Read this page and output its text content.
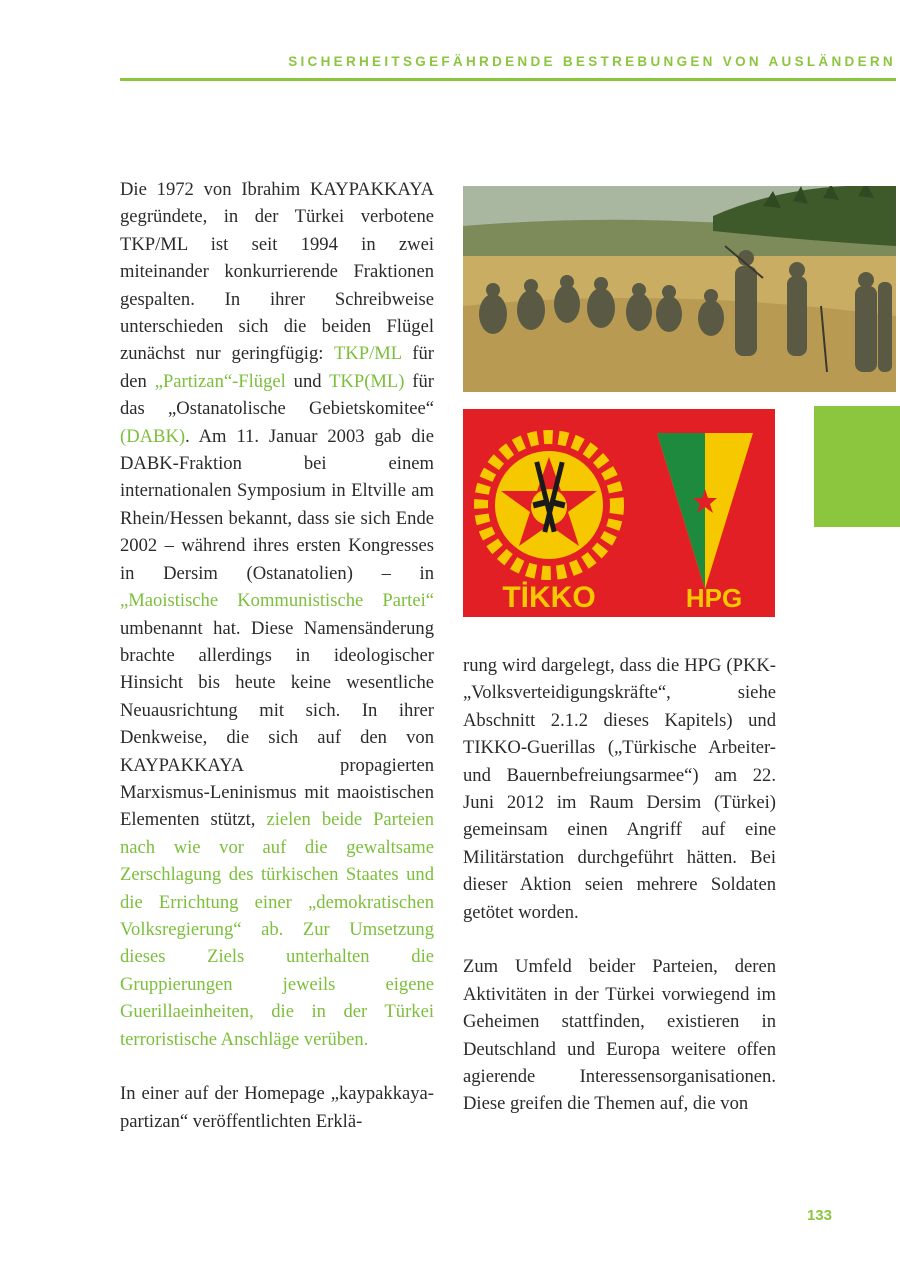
SICHERHEITSGEFÄHRDENDE BESTREBUNGEN VON AUSLÄNDERN

Die 1972 von Ibrahim KAYPAKKAYA gegründete, in der Türkei verbotene TKP/ML ist seit 1994 in zwei miteinander konkurrierende Fraktionen gespalten. In ihrer Schreibweise unterschieden sich die beiden Flügel zunächst nur geringfügig: TKP/ML für den „Partizan“-Flügel und TKP(ML) für das „Ostanatolische Gebietskomitee“ (DABK). Am 11. Januar 2003 gab die DABK-Fraktion bei einem internationalen Symposium in Eltville am Rhein/Hessen bekannt, dass sie sich Ende 2002 – während ihres ersten Kongresses in Dersim (Ostanatolien) – in „Maoistische Kommunistische Partei“ umbenannt hat. Diese Namensänderung brachte allerdings in ideologischer Hinsicht bis heute keine wesentliche Neuausrichtung mit sich. In ihrer Denkweise, die sich auf den von KAYPAKKAYA propagierten Marxismus-Leninismus mit maoistischen Elementen stützt, zielen beide Parteien nach wie vor auf die gewaltsame Zerschlagung des türkischen Staates und die Errichtung einer „demokratischen Volksregierung“ ab. Zur Umsetzung dieses Ziels unterhalten die Gruppierungen jeweils eigene Guerillaeinheiten, die in der Türkei terroristische Anschläge verüben.

In einer auf der Homepage „kaypakkaya-partizan“ veröffentlichten Erklä-

TİKKO	HPG

rung wird dargelegt, dass die HPG (PKK-„Volksverteidigungskräfte“, siehe Abschnitt 2.1.2 dieses Kapitels) und TIKKO-Guerillas („Türkische Arbeiter- und Bauernbefreiungsarmee“) am 22. Juni 2012 im Raum Dersim (Türkei) gemeinsam einen Angriff auf eine Militärstation durchgeführt hätten. Bei dieser Aktion seien mehrere Soldaten getötet worden.

Zum Umfeld beider Parteien, deren Aktivitäten in der Türkei vorwiegend im Geheimen stattfinden, existieren in Deutschland und Europa weitere offen agierende Interessensorganisationen. Diese greifen die Themen auf, die von

133
